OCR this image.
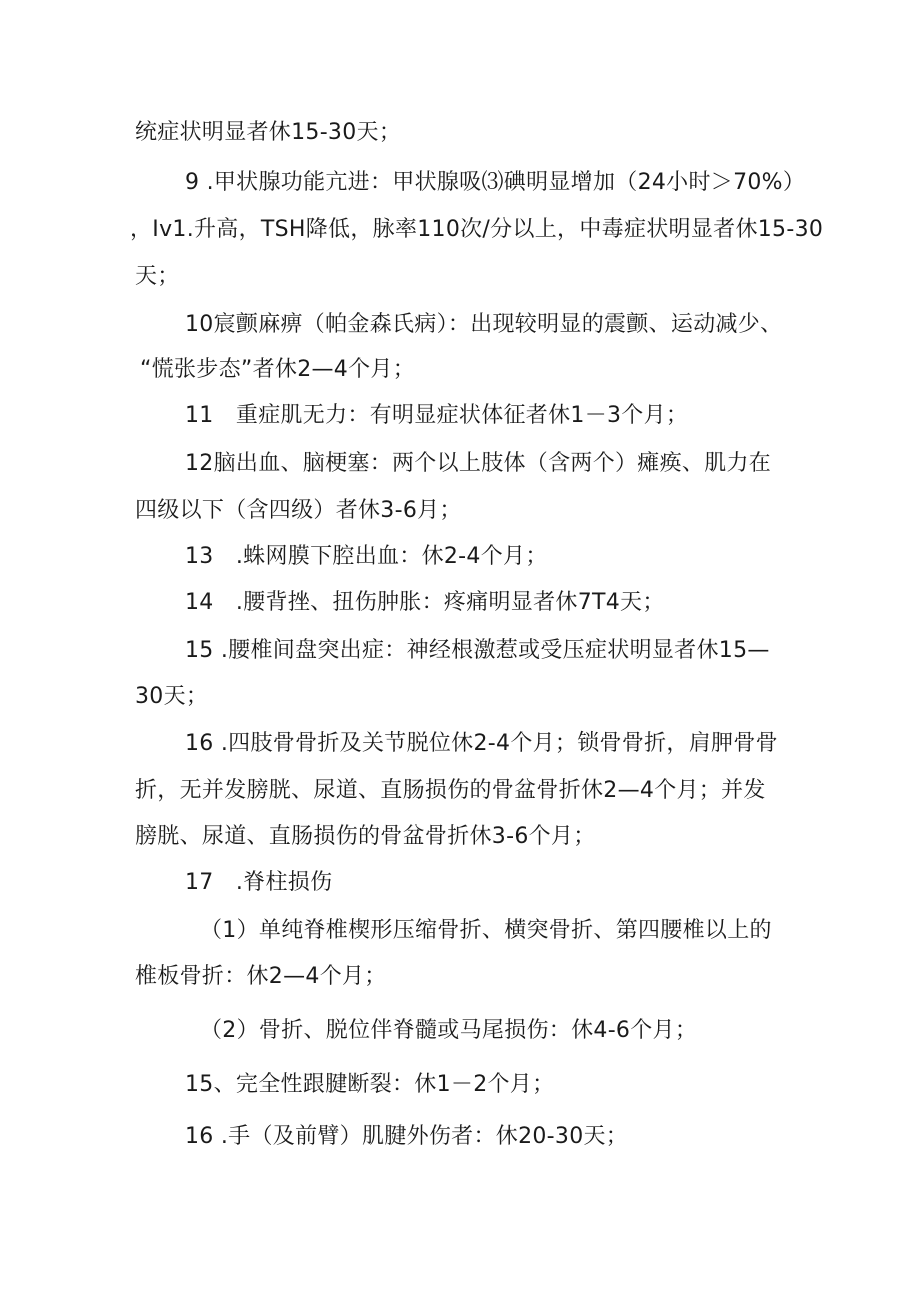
统症状明显者休15-30天；
9 .甲状腺功能亢进：甲状腺吸⑶碘明显增加（24小时＞70%）
，Iv1.升高，TSH降低，脉率110次/分以上，中毒症状明显者休15-30
天；
10宸颤麻痹（帕金森氏病）：出现较明显的震颤、运动减少、
“慌张步态”者休2—4个月；
11　重症肌无力：有明显症状体征者休1－3个月；
12脑出血、脑梗塞：两个以上肢体（含两个）瘫痪、肌力在
四级以下（含四级）者休3-6月；
13　.蛛网膜下腔出血：休2-4个月；
14　.腰背挫、扭伤肿胀：疼痛明显者休7T4天；
15 .腰椎间盘突出症：神经根激惹或受压症状明显者休15—
30天；
16 .四肢骨骨折及关节脱位休2-4个月；锁骨骨折，肩胛骨骨
折，无并发膀胱、尿道、直肠损伤的骨盆骨折休2—4个月；并发
膀胱、尿道、直肠损伤的骨盆骨折休3-6个月；
17　.脊柱损伤
（1）单纯脊椎楔形压缩骨折、横突骨折、第四腰椎以上的
椎板骨折：休2—4个月；
（2）骨折、脱位伴脊髓或马尾损伤：休4-6个月；
15、完全性跟腱断裂：休1－2个月；
16 .手（及前臂）肌腱外伤者：休20-30天；
